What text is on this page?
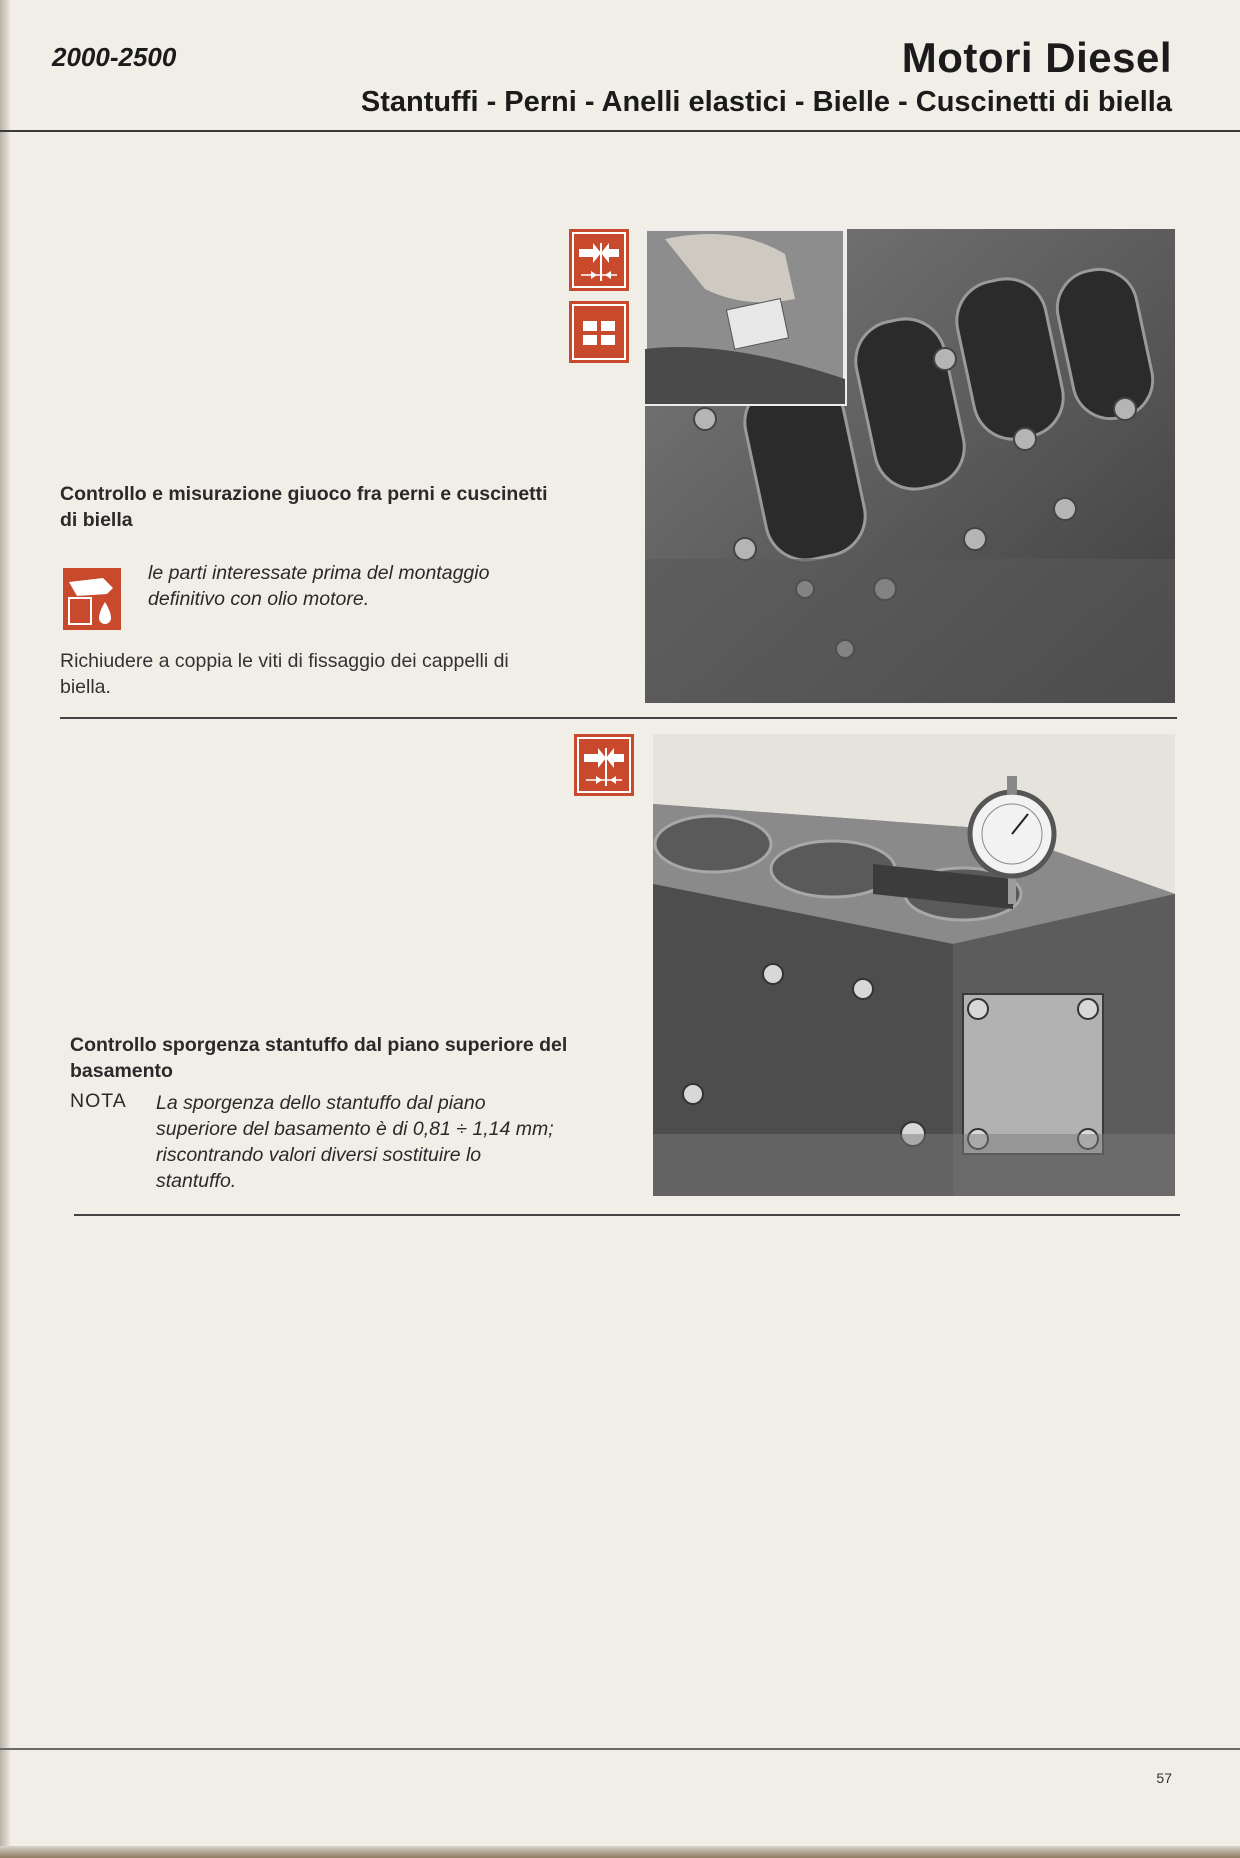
2000-2500	Motori Diesel
Stantuffi - Perni - Anelli elastici - Bielle - Cuscinetti di biella
Controllo e misurazione giuoco fra perni e cuscinetti di biella
le parti interessate prima del montaggio definitivo con olio motore.
Richiudere a coppia le viti di fissaggio dei cappelli di biella.
Controllo sporgenza stantuffo dal piano superiore del basamento
NOTA La sporgenza dello stantuffo dal piano superiore del basamento è di 0,81 ÷ 1,14 mm; riscontrando valori diversi sostituire lo stantuffo.
57
